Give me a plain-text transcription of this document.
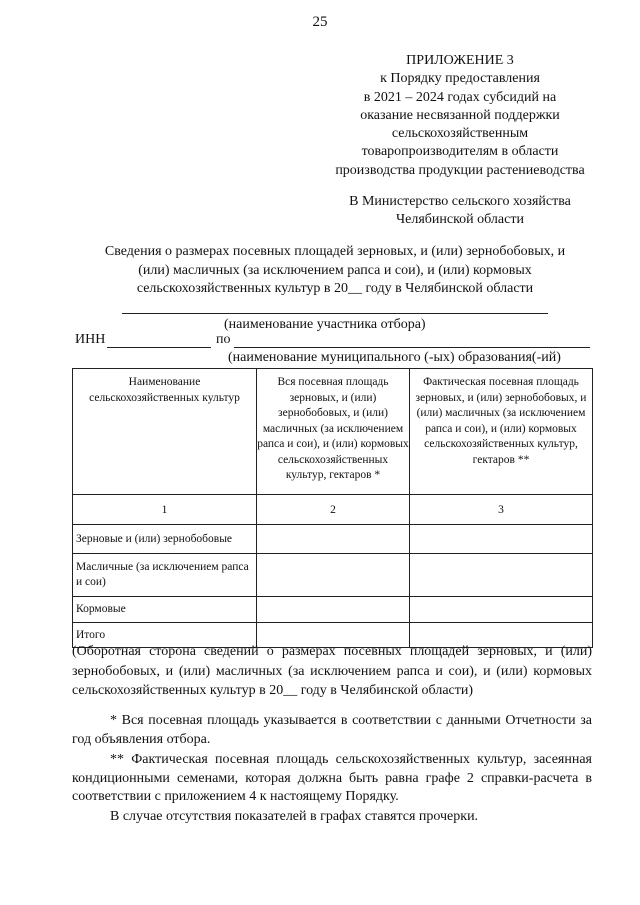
25
ПРИЛОЖЕНИЕ 3
к Порядку предоставления
в 2021 – 2024 годах субсидий на
оказание несвязанной поддержки
сельскохозяйственным
товаропроизводителям в области
производства продукции растениеводства
В Министерство сельского хозяйства
Челябинской области
Сведения о размерах посевных площадей зерновых, и (или) зернобобовых, и
(или) масличных (за исключением рапса и сои), и (или) кормовых
сельскохозяйственных культур в 20__ году в Челябинской области
(наименование участника отбора)
ИНН	по
(наименование муниципального (-ых) образования(-ий)
Наименование сельскохозяйственных культур	Вся посевная площадь зерновых, и (или) зернобобовых, и (или) масличных (за исключением рапса и сои), и (или) кормовых сельскохозяйственных культур, гектаров *	Фактическая посевная площадь зерновых, и (или) зернобобовых, и (или) масличных (за исключением рапса и сои), и (или) кормовых сельскохозяйственных культур, гектаров **
1	2	3
Зерновые и (или) зернобобовые		
Масличные (за исключением рапса и сои)		
Кормовые		
Итого		
(Оборотная сторона сведений о размерах посевных площадей зерновых, и (или) зернобобовых, и (или) масличных (за исключением рапса и сои), и (или) кормовых сельскохозяйственных культур в 20__ году в Челябинской области)
* Вся посевная площадь указывается в соответствии с данными Отчетности за год объявления отбора.
** Фактическая посевная площадь сельскохозяйственных культур, засеянная кондиционными семенами, которая должна быть равна графе 2 справки-расчета в соответствии с приложением 4 к настоящему Порядку.
В случае отсутствия показателей в графах ставятся прочерки.
